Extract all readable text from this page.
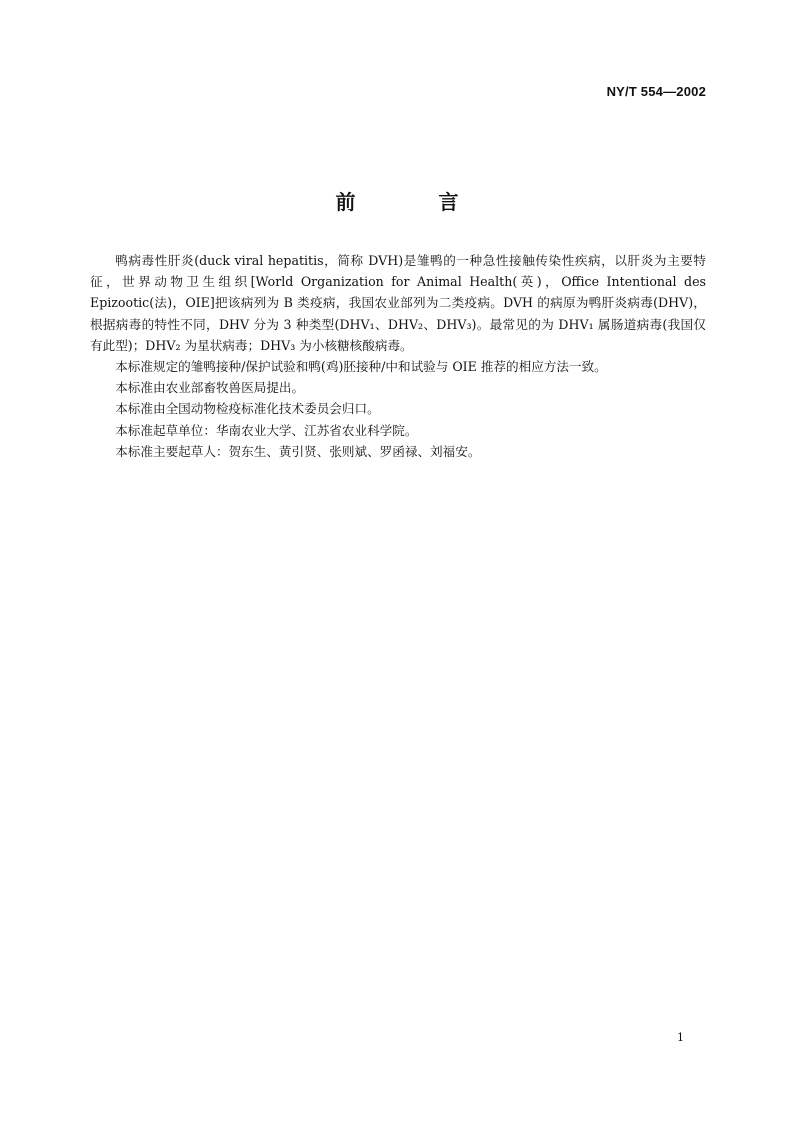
NY/T 554—2002
前 言

鸭病毒性肝炎(duck viral hepatitis，简称 DVH)是雏鸭的一种急性接触传染性疾病，以肝炎为主要特征，世界动物卫生组织[World Organization for Animal Health(英)，Office Intentional des Epizootic(法)，OIE]把该病列为 B 类疫病，我国农业部列为二类疫病。DVH 的病原为鸭肝炎病毒(DHV)，根据病毒的特性不同，DHV 分为 3 种类型(DHV₁、DHV₂、DHV₃)。最常见的为 DHV₁ 属肠道病毒(我国仅有此型)；DHV₂ 为星状病毒；DHV₃ 为小核糖核酸病毒。

本标准规定的雏鸭接种/保护试验和鸭(鸡)胚接种/中和试验与 OIE 推荐的相应方法一致。

本标准由农业部畜牧兽医局提出。

本标准由全国动物检疫标准化技术委员会归口。

本标准起草单位：华南农业大学、江苏省农业科学院。

本标准主要起草人：贺东生、黄引贤、张则斌、罗函禄、刘福安。

1
